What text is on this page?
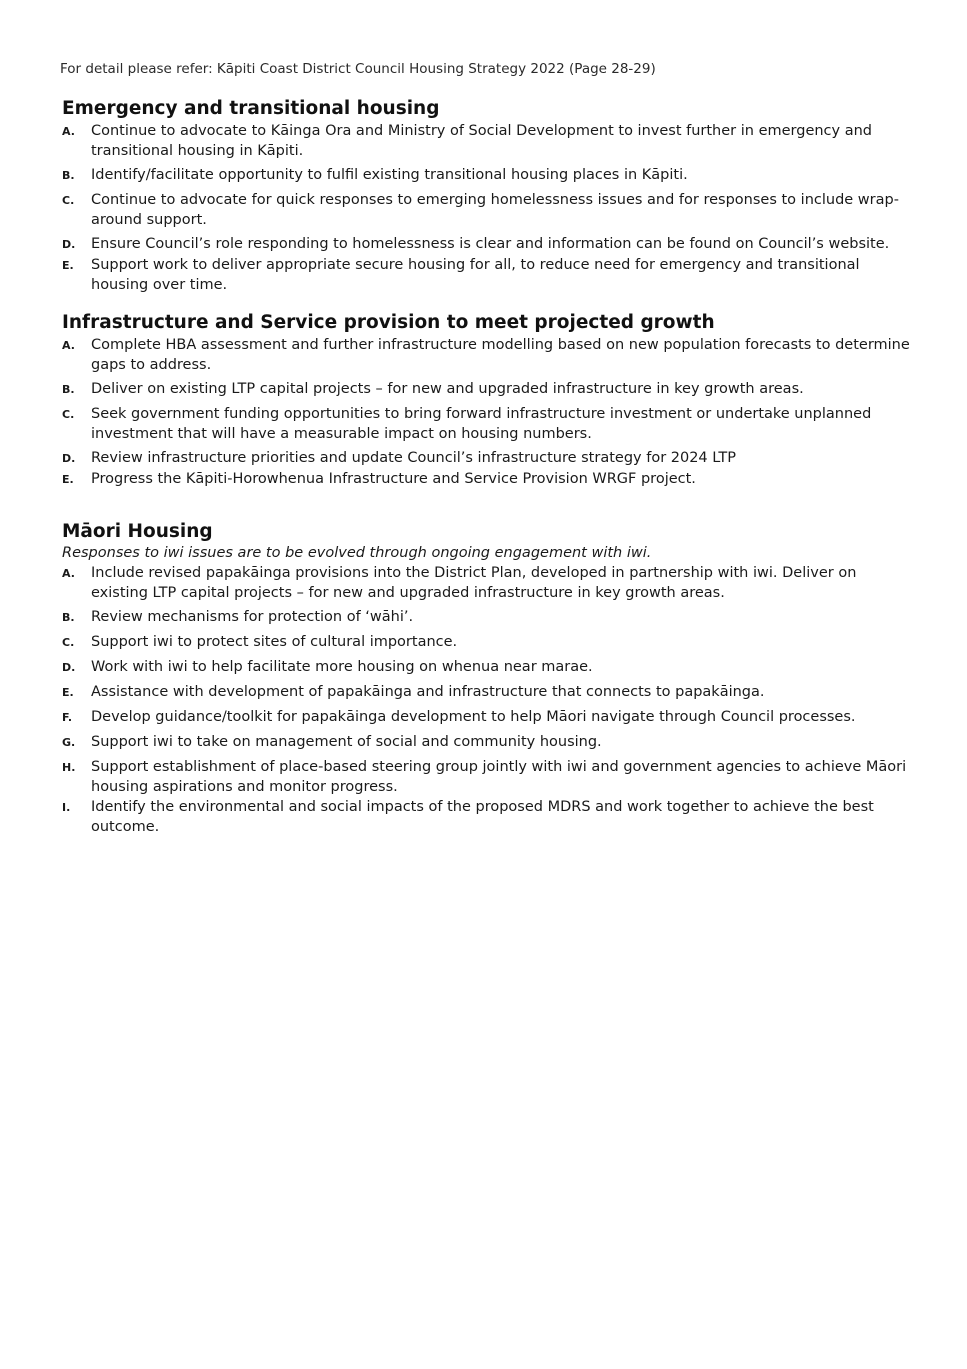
For detail please refer: Kāpiti Coast District Council Housing Strategy 2022 (Page 28-29)
Emergency and transitional housing
A.	Continue to advocate to Kāinga Ora and Ministry of Social Development to invest further in emergency and transitional housing in Kāpiti.
B.	Identify/facilitate opportunity to fulfil existing transitional housing places in Kāpiti.
C.	Continue to advocate for quick responses to emerging homelessness issues and for responses to include wrap-around support.
D.	Ensure Council’s role responding to homelessness is clear and information can be found on Council’s website.
E.	Support work to deliver appropriate secure housing for all, to reduce need for emergency and transitional housing over time.
Infrastructure and Service provision to meet projected growth
A.	Complete HBA assessment and further infrastructure modelling based on new population forecasts to determine gaps to address.
B.	Deliver on existing LTP capital projects – for new and upgraded infrastructure in key growth areas.
C.	Seek government funding opportunities to bring forward infrastructure investment or undertake unplanned investment that will have a measurable impact on housing numbers.
D.	Review infrastructure priorities and update Council’s infrastructure strategy for 2024 LTP
E.	Progress the Kāpiti-Horowhenua Infrastructure and Service Provision WRGF project.
Māori Housing

Responses to iwi issues are to be evolved through ongoing engagement with iwi.

A.	Include revised papakāinga provisions into the District Plan, developed in partnership with iwi. Deliver on existing LTP capital projects – for new and upgraded infrastructure in key growth areas.
B.	Review mechanisms for protection of ‘wāhi’.
C.	Support iwi to protect sites of cultural importance.
D.	Work with iwi to help facilitate more housing on whenua near marae.
E.	Assistance with development of papakāinga and infrastructure that connects to papakāinga.
F.	Develop guidance/toolkit for papakāinga development to help Māori navigate through Council processes.
G.	Support iwi to take on management of social and community housing.
H.	Support establishment of place-based steering group jointly with iwi and government agencies to achieve Māori housing aspirations and monitor progress.
I.	Identify the environmental and social impacts of the proposed MDRS and work together to achieve the best outcome.
